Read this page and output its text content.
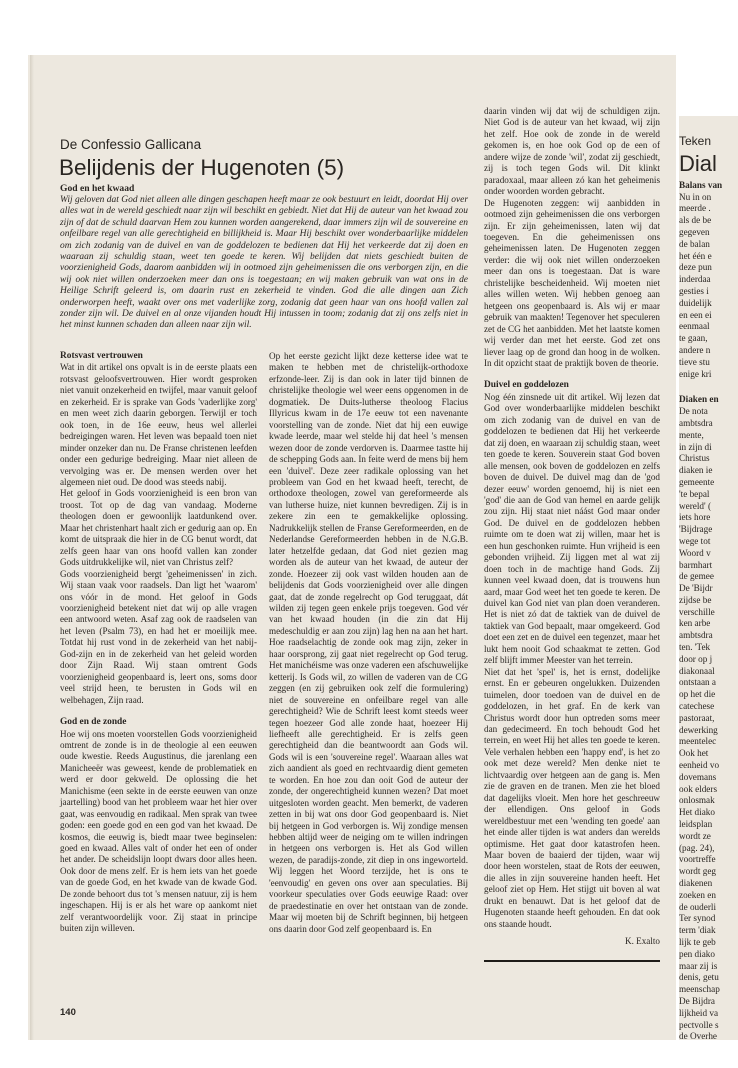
De Confessio Gallicana
Belijdenis der Hugenoten (5)
God en het kwaad
Wij geloven dat God niet alleen alle dingen geschapen heeft maar ze ook bestuurt en leidt, doordat Hij over alles wat in de wereld geschiedt naar zijn wil beschikt en gebiedt. Niet dat Hij de auteur van het kwaad zou zijn of dat de schuld daarvan Hem zou kunnen worden aangerekend, daar immers zijn wil de souvereine en onfeilbare regel van alle gerechtigheid en billijkheid is. Maar Hij beschikt over wonderbaarlijke middelen om zich zodanig van de duivel en van de goddelozen te bedienen dat Hij het verkeerde dat zij doen en waaraan zij schuldig staan, weet ten goede te keren. Wij belijden dat niets geschiedt buiten de voorzienigheid Gods, daarom aanbidden wij in ootmoed zijn geheimenissen die ons verborgen zijn, en die wij ook niet willen onderzoeken meer dan ons is toegestaan; en wij maken gebruik van wat ons in de Heilige Schrift geleerd is, om daarin rust en zekerheid te vinden. God die alle dingen aan Zich onderworpen heeft, waakt over ons met vaderlijke zorg, zodanig dat geen haar van ons hoofd vallen zal zonder zijn wil. De duivel en al onze vijanden houdt Hij intussen in toom; zodanig dat zij ons zelfs niet in het minst kunnen schaden dan alleen naar zijn wil.
Rotsvast vertrouwen

Wat in dit artikel ons opvalt is in de eerste plaats een rotsvast geloofsvertrouwen. Hier wordt gesproken niet vanuit onzekerheid en twijfel, maar vanuit geloof en zekerheid. Er is sprake van Gods 'vaderlijke zorg' en men weet zich daarin geborgen. Terwijl er toch ook toen, in de 16e eeuw, heus wel allerlei bedreigingen waren. Het leven was bepaald toen niet minder onzeker dan nu. De Franse christenen leefden onder een gedurige bedreiging. Maar niet alleen de vervolging was er. De mensen werden over het algemeen niet oud. De dood was steeds nabij.

Het geloof in Gods voorzienigheid is een bron van troost. Tot op de dag van vandaag. Moderne theologen doen er gewoonlijk laatdunkend over. Maar het christenhart haalt zich er gedurig aan op. En komt de uitspraak die hier in de CG benut wordt, dat zelfs geen haar van ons hoofd vallen kan zonder Gods uitdrukkelijke wil, niet van Christus zelf?

Gods voorzienigheid bergt 'geheimenissen' in zich. Wij staan vaak voor raadsels. Dan ligt het 'waarom' ons vóór in de mond. Het geloof in Gods voorzienigheid betekent niet dat wij op alle vragen een antwoord weten. Asaf zag ook de raadselen van het leven (Psalm 73), en had het er moeilijk mee. Totdat hij rust vond in de zekerheid van het nabij-God-zijn en in de zekerheid van het geleid worden door Zijn Raad. Wij staan omtrent Gods voorzienigheid geopenbaard is, leert ons, soms door veel strijd heen, te berusten in Gods wil en welbehagen, Zijn raad.

God en de zonde

Hoe wij ons moeten voorstellen Gods voorzienigheid omtrent de zonde is in de theologie al een eeuwen oude kwestie. Reeds Augustinus, die jarenlang een Manicheeër was geweest, kende de problematiek en werd er door gekweld. De oplossing die het Manichisme (een sekte in de eerste eeuwen van onze jaartelling) bood van het probleem waar het hier over gaat, was eenvoudig en radikaal. Men sprak van twee goden: een goede god en een god van het kwaad. De kosmos, die eeuwig is, biedt maar twee beginselen: goed en kwaad. Alles valt of onder het een of onder het ander. De scheidslijn loopt dwars door alles heen. Ook door de mens zelf. Er is hem iets van het goede van de goede God, en het kwade van de kwade God. De zonde behoort dus tot 's mensen natuur, zij is hem ingeschapen. Hij is er als het ware op aankomt niet zelf verantwoordelijk voor. Zij staat in principe buiten zijn willeven.

Op het eerste gezicht lijkt deze ketterse idee wat te maken te hebben met de christelijk-orthodoxe erfzonde-leer. Zij is dan ook in later tijd binnen de christelijke theologie wel weer eens opgenomen in de dogmatiek. De Duits-lutherse theoloog Flacius Illyricus kwam in de 17e eeuw tot een navenante voorstelling van de zonde. Niet dat hij een euwige kwade leerde, maar wel stelde hij dat heel 's mensen wezen door de zonde verdorven is. Daarmee tastte hij de schepping Gods aan. In feite werd de mens bij hem een 'duivel'. Deze zeer radikale oplossing van het probleem van God en het kwaad heeft, terecht, de orthodoxe theologen, zowel van gereformeerde als van lutherse huize, niet kunnen bevredigen. Zij is in zekere zin een te gemakkelijke oplossing. Nadrukkelijk stellen de Franse Gereformeerden, en de Nederlandse Gereformeerden hebben in de N.G.B. later hetzelfde gedaan, dat God niet gezien mag worden als de auteur van het kwaad, de auteur der zonde. Hoezeer zij ook vast wilden houden aan de belijdenis dat Gods voorzienigheid over alle dingen gaat, dat de zonde regelrecht op God teruggaat, dát wilden zij tegen geen enkele prijs toegeven. God vér van het kwaad houden (in die zin dat Hij medeschuldig er aan zou zijn) lag hen na aan het hart. Hoe raadselachtig de zonde ook mag zijn, zeker in haar oorsprong, zij gaat niet regelrecht op God terug. Het manichéisme was onze vaderen een afschuwelijke ketterij. Is Gods wil, zo willen de vaderen van de CG zeggen (en zij gebruiken ook zelf die formulering) niet de souvereine en onfeilbare regel van alle gerechtigheid? Wie de Schrift leest komt steeds weer tegen hoezeer God alle zonde haat, hoezeer Hij liefheeft alle gerechtigheid. Er is zelfs geen gerechtigheid dan die beantwoordt aan Gods wil. Gods wil is een 'souvereine regel'. Waaraan alles wat zich aandient als goed en rechtvaardig dient gemeten te worden. En hoe zou dan ooit God de auteur der zonde, der ongerechtigheid kunnen wezen? Dat moet uitgesloten worden geacht. Men bemerkt, de vaderen zetten in bij wat ons door God geopenbaard is. Niet bij hetgeen in God verborgen is. Wij zondige mensen hebben altijd weer de neiging om te willen indringen in hetgeen ons verborgen is. Het als God willen wezen, de paradijs-zonde, zit diep in ons ingeworteld. Wij leggen het Woord terzijde, het is ons te 'eenvoudig' en geven ons over aan speculaties. Bij voorkeur speculaties over Gods eeuwige Raad: over de praedestinatie en over het ontstaan van de zonde. Maar wij moeten bij de Schrift beginnen, bij hetgeen ons daarin door God zelf geopenbaard is. En

daarin vinden wij dat wij de schuldigen zijn. Niet God is de auteur van het kwaad, wij zijn het zelf. Hoe ook de zonde in de wereld gekomen is, en hoe ook God op de een of andere wijze de zonde 'wil', zodat zij geschiedt, zij is toch tegen Gods wil. Dit klinkt paradoxaal, maar alleen zó kan het geheimenis onder woorden worden gebracht.

De Hugenoten zeggen: wij aanbidden in ootmoed zijn geheimenissen die ons verborgen zijn. Er zijn geheimenissen, laten wij dat toegeven. En die geheimenissen ons geheimenissen laten. De Hugenoten zeggen verder: die wij ook niet willen onderzoeken meer dan ons is toegestaan. Dat is ware christelijke bescheidenheid. Wij moeten niet alles willen weten. Wij hebben genoeg aan hetgeen ons geopenbaard is. Als wij er maar gebruik van maakten! Tegenover het speculeren zet de CG het aanbidden. Met het laatste komen wij verder dan met het eerste. God zet ons liever laag op de grond dan hoog in de wolken. In dit opzicht staat de praktijk boven de theorie.

Duivel en goddelozen

Nog één zinsnede uit dit artikel. Wij lezen dat God over wonderbaarlijke middelen beschikt om zich zodanig van de duivel en van de goddelozen te bedienen dat Hij het verkeerde dat zij doen, en waaraan zij schuldig staan, weet ten goede te keren. Souverein staat God boven alle mensen, ook boven de goddelozen en zelfs boven de duivel. De duivel mag dan de 'god dezer eeuw' worden genoemd, hij is niet een 'god' die aan de God van hemel en aarde gelijk zou zijn. Hij staat niet náást God maar onder God. De duivel en de goddelozen hebben ruimte om te doen wat zij willen, maar het is een hun geschonken ruimte. Hun vrijheid is een gebonden vrijheid. Zij liggen met al wat zij doen toch in de machtige hand Gods. Zij kunnen veel kwaad doen, dat is trouwens hun aard, maar God weet het ten goede te keren. De duivel kan God niet van plan doen veranderen. Het is niet zó dat de taktiek van de duivel de taktiek van God bepaalt, maar omgekeerd. God doet een zet en de duivel een tegenzet, maar het lukt hem nooit God schaakmat te zetten. God zelf blijft immer Meester van het terrein.

Niet dat het 'spel' is, het is ernst, dodelijke ernst. En er gebeuren ongelukken. Duizenden tuimelen, door toedoen van de duivel en de goddelozen, in het graf. En de kerk van Christus wordt door hun optreden soms meer dan gedecimeerd. En toch behoudt God het terrein, en weet Hij het alles ten goede te keren. Vele verhalen hebben een 'happy end', is het zo ook met deze wereld? Men denke niet te lichtvaardig over hetgeen aan de gang is. Men zie de graven en de tranen. Men zie het bloed dat dagelijks vloeit. Men hore het geschreeuw der ellendigen. Ons geloof in Gods wereldbestuur met een 'wending ten goede' aan het einde aller tijden is wat anders dan werelds optimisme. Het gaat door katastrofen heen. Maar boven de baaierd der tijden, waar wij door heen worstelen, staat de Rots der eeuwen, die alles in zijn souvereine handen heeft. Het geloof ziet op Hem. Het stijgt uit boven al wat drukt en benauwt. Dat is het geloof dat de Hugenoten staande heeft gehouden. En dat ook ons staande houdt.

K. Exalto
140
Teken
Dial
Balans van
Nu in on
meerde .
als de be
gegeven
de balan
het één e
deze pun
inderdaa
gesties i
duidelijk
en een ei
eenmaal
te gaan,
andere n
tieve stu
enige kri
Diaken en
De nota
ambtsdra
mente,
in zijn di
Christus
diaken ie
gemeente
'te bepal
wereld' (
iets hore
'Bijdrage
wege tot
Woord v
barmhart
de gemee
De 'Bijdr
zijdse be
verschille
ken arbe
ambtsdra
ten. 'Tek
door op j
diakonaal
ontstaan a
op het die
catechese
pastoraat,
dewerking
meentelec
Ook het
eenheid vo
dovemans
ook elders
onlosmak
Het diako
leidsplan
wordt ze
(pag. 24),
voortreffe
wordt geg
diakenen
zoeken en
de ouderli
Ter synod
term 'diak
lijk te geb
pen diako
maar zij is
denis, getu
meenschap
De Bijdra
lijkheid va
pectvolle s
de Overhe
